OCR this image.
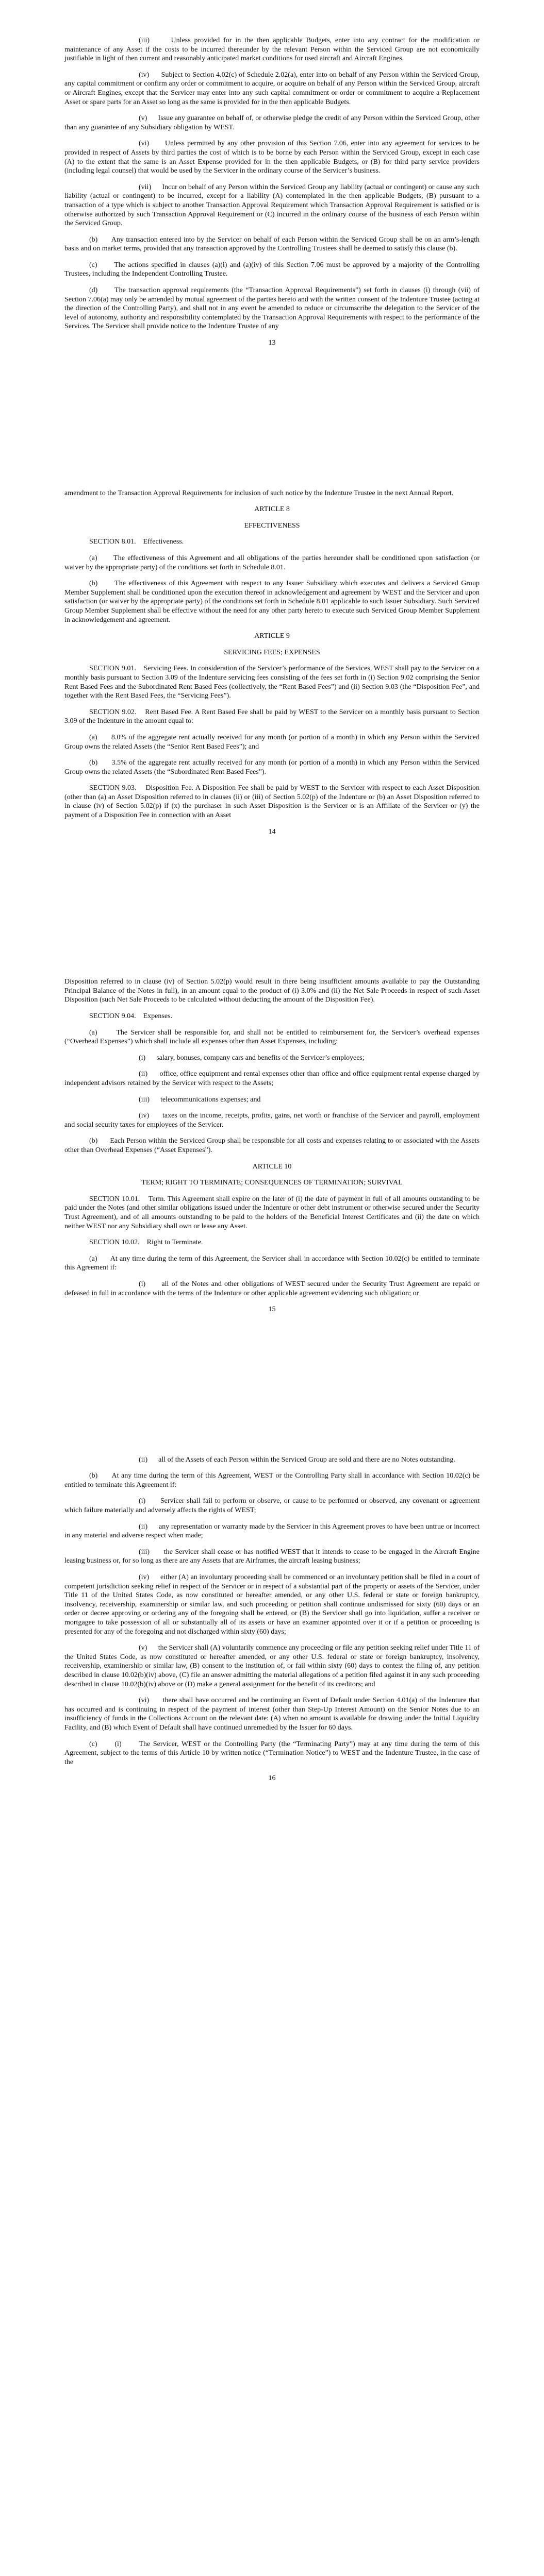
(iii)      Unless provided for in the then applicable Budgets, enter into any contract for the modification or maintenance of any Asset if the costs to be incurred thereunder by the relevant Person within the Serviced Group are not economically justifiable in light of then current and reasonably anticipated market conditions for used aircraft and Aircraft Engines.

(iv)      Subject to Section 4.02(c) of Schedule 2.02(a), enter into on behalf of any Person within the Serviced Group, any capital commitment or confirm any order or commitment to acquire, or acquire on behalf of any Person within the Serviced Group, aircraft or Aircraft Engines, except that the Servicer may enter into any such capital commitment or order or commitment to acquire a Replacement Asset or spare parts for an Asset so long as the same is provided for in the then applicable Budgets.

(v)      Issue any guarantee on behalf of, or otherwise pledge the credit of any Person within the Serviced Group, other than any guarantee of any Subsidiary obligation by WEST.

(vi)      Unless permitted by any other provision of this Section 7.06, enter into any agreement for services to be provided in respect of Assets by third parties the cost of which is to be borne by each Person within the Serviced Group, except in each case (A) to the extent that the same is an Asset Expense provided for in the then applicable Budgets, or (B) for third party service providers (including legal counsel) that would be used by the Servicer in the ordinary course of the Servicer’s business.

(vii)      Incur on behalf of any Person within the Serviced Group any liability (actual or contingent) or cause any such liability (actual or contingent) to be incurred, except for a liability (A) contemplated in the then applicable Budgets, (B) pursuant to a transaction of a type which is subject to another Transaction Approval Requirement which Transaction Approval Requirement is satisfied or is otherwise authorized by such Transaction Approval Requirement or (C) incurred in the ordinary course of the business of each Person within the Serviced Group.

(b)      Any transaction entered into by the Servicer on behalf of each Person within the Serviced Group shall be on an arm’s-length basis and on market terms, provided that any transaction approved by the Controlling Trustees shall be deemed to satisfy this clause (b).

(c)      The actions specified in clauses (a)(i) and (a)(iv) of this Section 7.06 must be approved by a majority of the Controlling Trustees, including the Independent Controlling Trustee.

(d)      The transaction approval requirements (the “Transaction Approval Requirements”) set forth in clauses (i) through (vii) of Section 7.06(a) may only be amended by mutual agreement of the parties hereto and with the written consent of the Indenture Trustee (acting at the direction of the Controlling Party), and shall not in any event be amended to reduce or circumscribe the delegation to the Servicer of the level of autonomy, authority and responsibility contemplated by the Transaction Approval Requirements with respect to the performance of the Services. The Servicer shall provide notice to the Indenture Trustee of any

13

amendment to the Transaction Approval Requirements for inclusion of such notice by the Indenture Trustee in the next Annual Report.

ARTICLE 8

EFFECTIVENESS

SECTION 8.01.    Effectiveness.

(a)      The effectiveness of this Agreement and all obligations of the parties hereunder shall be conditioned upon satisfaction (or waiver by the appropriate party) of the conditions set forth in Schedule 8.01.

(b)      The effectiveness of this Agreement with respect to any Issuer Subsidiary which executes and delivers a Serviced Group Member Supplement shall be conditioned upon the execution thereof in acknowledgement and agreement by WEST and the Servicer and upon satisfaction (or waiver by the appropriate party) of the conditions set forth in Schedule 8.01 applicable to such Issuer Subsidiary. Such Serviced Group Member Supplement shall be effective without the need for any other party hereto to execute such Serviced Group Member Supplement in acknowledgement and agreement.

ARTICLE 9

SERVICING FEES; EXPENSES

SECTION 9.01.    Servicing Fees. In consideration of the Servicer’s performance of the Services, WEST shall pay to the Servicer on a monthly basis pursuant to Section 3.09 of the Indenture servicing fees consisting of the fees set forth in (i) Section 9.02 comprising the Senior Rent Based Fees and the Subordinated Rent Based Fees (collectively, the “Rent Based Fees”) and (ii) Section 9.03 (the “Disposition Fee”, and together with the Rent Based Fees, the “Servicing Fees”).

SECTION 9.02.    Rent Based Fee. A Rent Based Fee shall be paid by WEST to the Servicer on a monthly basis pursuant to Section 3.09 of the Indenture in the amount equal to:

(a)      8.0% of the aggregate rent actually received for any month (or portion of a month) in which any Person within the Serviced Group owns the related Assets (the “Senior Rent Based Fees”); and

(b)      3.5% of the aggregate rent actually received for any month (or portion of a month) in which any Person within the Serviced Group owns the related Assets (the “Subordinated Rent Based Fees”).

SECTION 9.03.    Disposition Fee. A Disposition Fee shall be paid by WEST to the Servicer with respect to each Asset Disposition (other than (a) an Asset Disposition referred to in clauses (ii) or (iii) of Section 5.02(p) of the Indenture or (b) an Asset Disposition referred to in clause (iv) of Section 5.02(p) if (x) the purchaser in such Asset Disposition is the Servicer or is an Affiliate of the Servicer or (y) the payment of a Disposition Fee in connection with an Asset

14

Disposition referred to in clause (iv) of Section 5.02(p) would result in there being insufficient amounts available to pay the Outstanding Principal Balance of the Notes in full), in an amount equal to the product of (i) 3.0% and (ii) the Net Sale Proceeds in respect of such Asset Disposition (such Net Sale Proceeds to be calculated without deducting the amount of the Disposition Fee).

SECTION 9.04.    Expenses.

(a)      The Servicer shall be responsible for, and shall not be entitled to reimbursement for, the Servicer’s overhead expenses (“Overhead Expenses”) which shall include all expenses other than Asset Expenses, including:

(i)      salary, bonuses, company cars and benefits of the Servicer’s employees;

(ii)      office, office equipment and rental expenses other than office and office equipment rental expense charged by independent advisors retained by the Servicer with respect to the Assets;

(iii)      telecommunications expenses; and

(iv)      taxes on the income, receipts, profits, gains, net worth or franchise of the Servicer and payroll, employment and social security taxes for employees of the Servicer.

(b)      Each Person within the Serviced Group shall be responsible for all costs and expenses relating to or associated with the Assets other than Overhead Expenses (“Asset Expenses”).

ARTICLE 10

TERM; RIGHT TO TERMINATE; CONSEQUENCES OF TERMINATION; SURVIVAL

SECTION 10.01.    Term. This Agreement shall expire on the later of (i) the date of payment in full of all amounts outstanding to be paid under the Notes (and other similar obligations issued under the Indenture or other debt instrument or otherwise secured under the Security Trust Agreement), and of all amounts outstanding to be paid to the holders of the Beneficial Interest Certificates and (ii) the date on which neither WEST nor any Subsidiary shall own or lease any Asset.

SECTION 10.02.    Right to Terminate.

(a)      At any time during the term of this Agreement, the Servicer shall in accordance with Section 10.02(c) be entitled to terminate this Agreement if:

(i)      all of the Notes and other obligations of WEST secured under the Security Trust Agreement are repaid or defeased in full in accordance with the terms of the Indenture or other applicable agreement evidencing such obligation; or

15

(ii)      all of the Assets of each Person within the Serviced Group are sold and there are no Notes outstanding.

(b)      At any time during the term of this Agreement, WEST or the Controlling Party shall in accordance with Section 10.02(c) be entitled to terminate this Agreement if:

(i)      Servicer shall fail to perform or observe, or cause to be performed or observed, any covenant or agreement which failure materially and adversely affects the rights of WEST;

(ii)      any representation or warranty made by the Servicer in this Agreement proves to have been untrue or incorrect in any material and adverse respect when made;

(iii)      the Servicer shall cease or has notified WEST that it intends to cease to be engaged in the Aircraft Engine leasing business or, for so long as there are any Assets that are Airframes, the aircraft leasing business;

(iv)      either (A) an involuntary proceeding shall be commenced or an involuntary petition shall be filed in a court of competent jurisdiction seeking relief in respect of the Servicer or in respect of a substantial part of the property or assets of the Servicer, under Title 11 of the United States Code, as now constituted or hereafter amended, or any other U.S. federal or state or foreign bankruptcy, insolvency, receivership, examinership or similar law, and such proceeding or petition shall continue undismissed for sixty (60) days or an order or decree approving or ordering any of the foregoing shall be entered, or (B) the Servicer shall go into liquidation, suffer a receiver or mortgagee to take possession of all or substantially all of its assets or have an examiner appointed over it or if a petition or proceeding is presented for any of the foregoing and not discharged within sixty (60) days;

(v)      the Servicer shall (A) voluntarily commence any proceeding or file any petition seeking relief under Title 11 of the United States Code, as now constituted or hereafter amended, or any other U.S. federal or state or foreign bankruptcy, insolvency, receivership, examinership or similar law, (B) consent to the institution of, or fail within sixty (60) days to contest the filing of, any petition described in clause 10.02(b)(iv) above, (C) file an answer admitting the material allegations of a petition filed against it in any such proceeding described in clause 10.02(b)(iv) above or (D) make a general assignment for the benefit of its creditors; and

(vi)      there shall have occurred and be continuing an Event of Default under Section 4.01(a) of the Indenture that has occurred and is continuing in respect of the payment of interest (other than Step-Up Interest Amount) on the Senior Notes due to an insufficiency of funds in the Collections Account on the relevant date: (A) when no amount is available for drawing under the Initial Liquidity Facility, and (B) which Event of Default shall have continued unremedied by the Issuer for 60 days.

(c)      (i)      The Servicer, WEST or the Controlling Party (the “Terminating Party”) may at any time during the term of this Agreement, subject to the terms of this Article 10 by written notice (“Termination Notice”) to WEST and the Indenture Trustee, in the case of the

16
